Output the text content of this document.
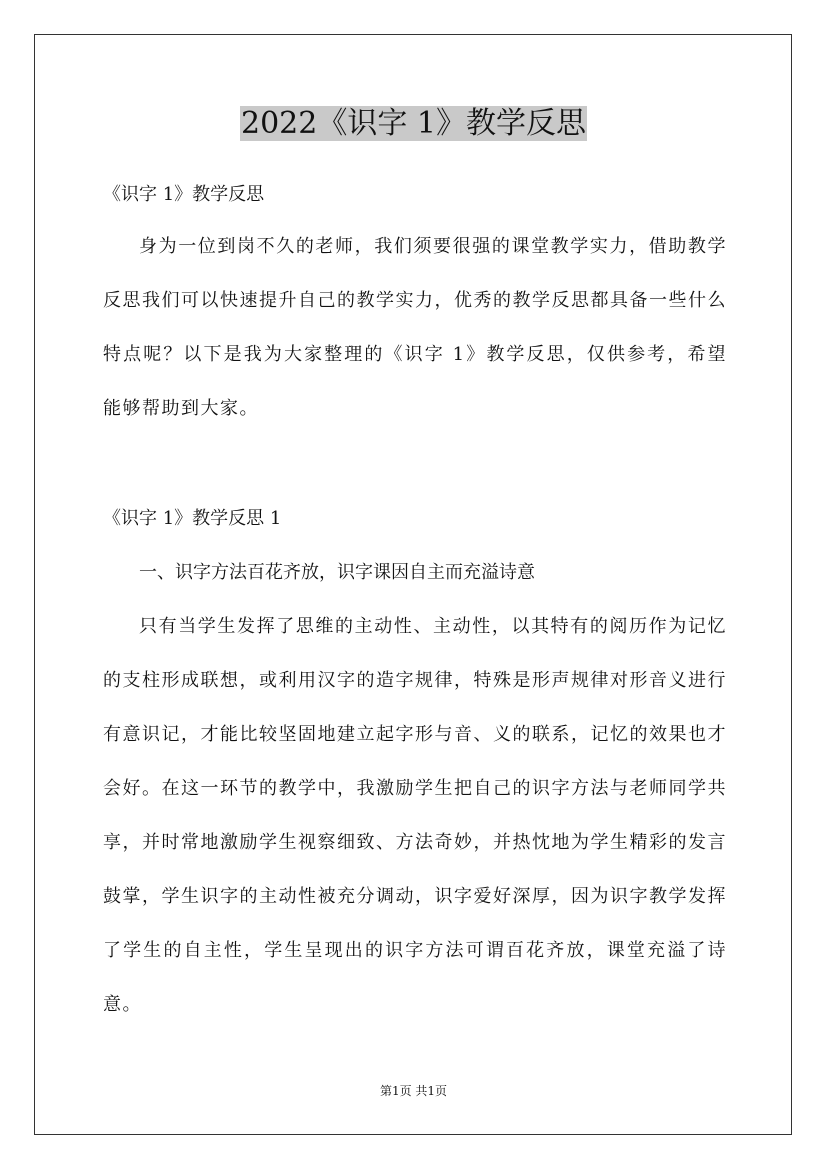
2022《识字 1》教学反思
《识字 1》教学反思

身为一位到岗不久的老师，我们须要很强的课堂教学实力，借助教学反思我们可以快速提升自己的教学实力，优秀的教学反思都具备一些什么特点呢？以下是我为大家整理的《识字 1》教学反思，仅供参考，希望能够帮助到大家。

《识字 1》教学反思 1
一、识字方法百花齐放，识字课因自主而充溢诗意

只有当学生发挥了思维的主动性、主动性，以其特有的阅历作为记忆的支柱形成联想，或利用汉字的造字规律，特殊是形声规律对形音义进行有意识记，才能比较坚固地建立起字形与音、义的联系，记忆的效果也才会好。在这一环节的教学中，我激励学生把自己的识字方法与老师同学共享，并时常地激励学生视察细致、方法奇妙，并热忱地为学生精彩的发言鼓掌，学生识字的主动性被充分调动，识字爱好深厚，因为识字教学发挥了学生的自主性，学生呈现出的识字方法可谓百花齐放，课堂充溢了诗意。

第1页 共1页
